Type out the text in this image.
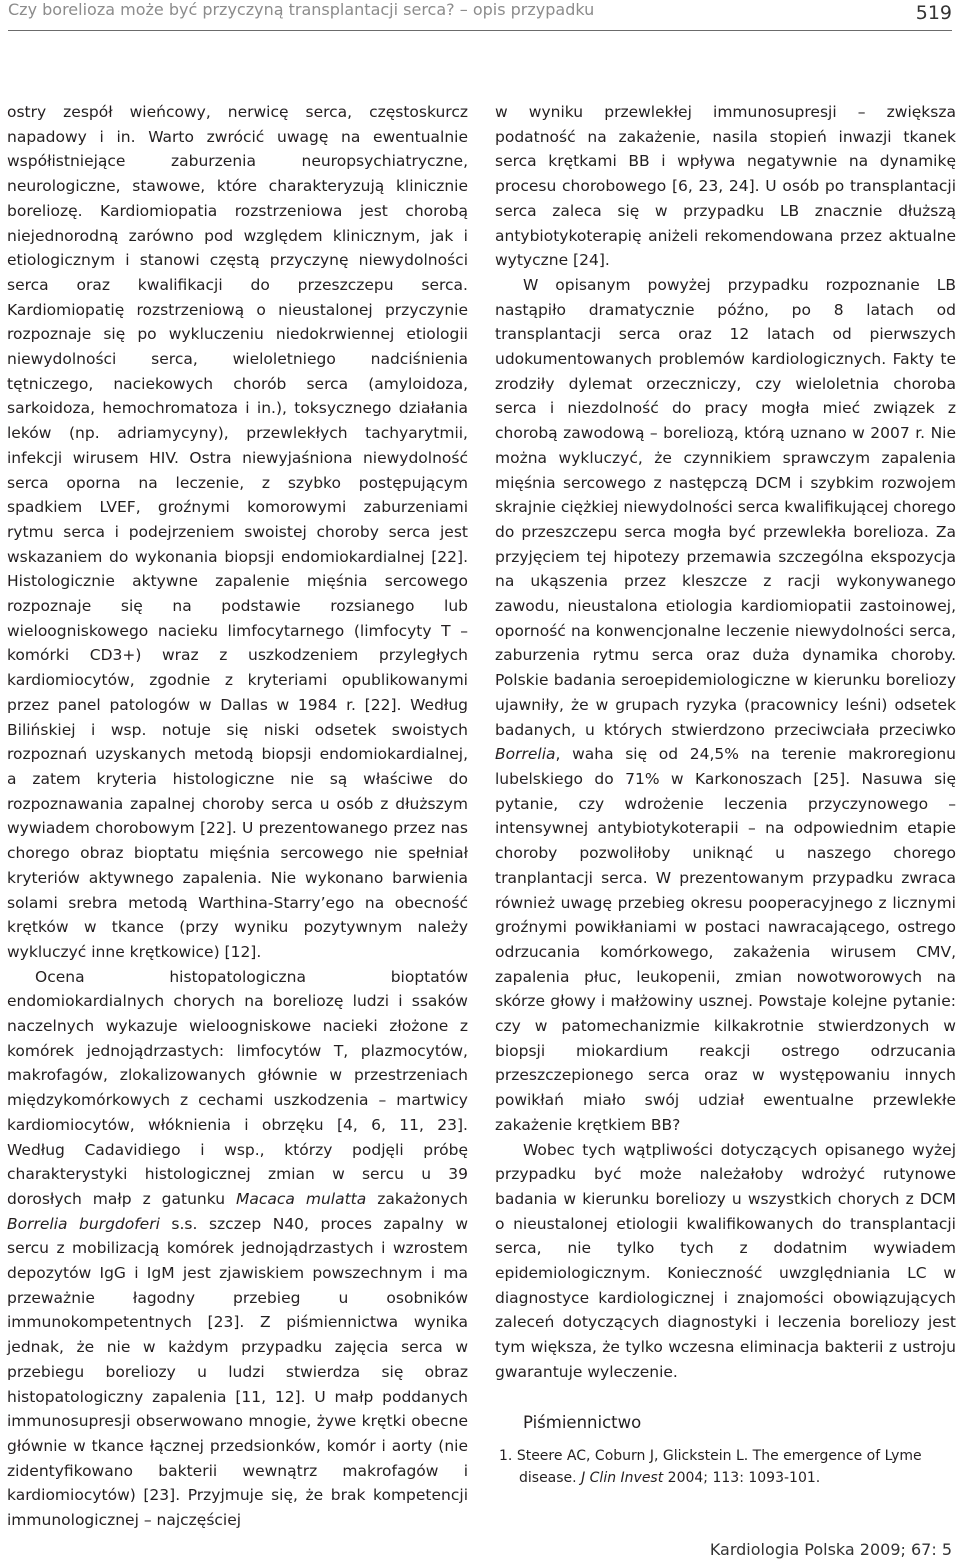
Czy borelioza może być przyczyną transplantacji serca? – opis przypadku	519

ostry zespół wieńcowy, nerwicę serca, częstoskurcz napadowy i in. Warto zwrócić uwagę na ewentualnie współistniejące zaburzenia neuropsychiatryczne, neurologiczne, stawowe, które charakteryzują klinicznie boreliozę. Kardiomiopatia rozstrzeniowa jest chorobą niejednorodną zarówno pod względem klinicznym, jak i etiologicznym i stanowi częstą przyczynę niewydolności serca oraz kwalifikacji do przeszczepu serca. Kardiomiopatię rozstrzeniową o nieustalonej przyczynie rozpoznaje się po wykluczeniu niedokrwiennej etiologii niewydolności serca, wieloletniego nadciśnienia tętniczego, naciekowych chorób serca (amyloidoza, sarkoidoza, hemochromatoza i in.), toksycznego działania leków (np. adriamycyny), przewlekłych tachyarytmii, infekcji wirusem HIV. Ostra niewyjaśniona niewydolność serca oporna na leczenie, z szybko postępującym spadkiem LVEF, groźnymi komorowymi zaburzeniami rytmu serca i podejrzeniem swoistej choroby serca jest wskazaniem do wykonania biopsji endomiokardialnej [22]. Histologicznie aktywne zapalenie mięśnia sercowego rozpoznaje się na podstawie rozsianego lub wieloogniskowego nacieku limfocytarnego (limfocyty T – komórki CD3+) wraz z uszkodzeniem przyległych kardiomiocytów, zgodnie z kryteriami opublikowanymi przez panel patologów w Dallas w 1984 r. [22]. Według Bilińskiej i wsp. notuje się niski odsetek swoistych rozpoznań uzyskanych metodą biopsji endomiokardialnej, a zatem kryteria histologiczne nie są właściwe do rozpoznawania zapalnej choroby serca u osób z dłuższym wywiadem chorobowym [22]. U prezentowanego przez nas chorego obraz bioptatu mięśnia sercowego nie spełniał kryteriów aktywnego zapalenia. Nie wykonano barwienia solami srebra metodą Warthina-Starry’ego na obecność krętków w tkance (przy wyniku pozytywnym należy wykluczyć inne krętkowice) [12].

Ocena histopatologiczna bioptatów endomiokardialnych chorych na boreliozę ludzi i ssaków naczelnych wykazuje wieloogniskowe nacieki złożone z komórek jednojądrzastych: limfocytów T, plazmocytów, makrofagów, zlokalizowanych głównie w przestrzeniach międzykomórkowych z cechami uszkodzenia – martwicy kardiomiocytów, włóknienia i obrzęku [4, 6, 11, 23]. Według Cadavidiego i wsp., którzy podjęli próbę charakterystyki histologicznej zmian w sercu u 39 dorosłych małp z gatunku Macaca mulatta zakażonych Borrelia burgdoferi s.s. szczep N40, proces zapalny w sercu z mobilizacją komórek jednojądrzastych i wzrostem depozytów IgG i IgM jest zjawiskiem powszechnym i ma przeważnie łagodny przebieg u osobników immunokompetentnych [23]. Z piśmiennictwa wynika jednak, że nie w każdym przypadku zajęcia serca w przebiegu boreliozy u ludzi stwierdza się obraz histopatologiczny zapalenia [11, 12]. U małp poddanych immunosupresji obserwowano mnogie, żywe krętki obecne głównie w tkance łącznej przedsionków, komór i aorty (nie zidentyfikowano bakterii wewnątrz makrofagów i kardiomiocytów) [23]. Przyjmuje się, że brak kompetencji immunologicznej – najczęściej

w wyniku przewlekłej immunosupresji – zwiększa podatność na zakażenie, nasila stopień inwazji tkanek serca krętkami BB i wpływa negatywnie na dynamikę procesu chorobowego [6, 23, 24]. U osób po transplantacji serca zaleca się w przypadku LB znacznie dłuższą antybiotykoterapię aniżeli rekomendowana przez aktualne wytyczne [24].

W opisanym powyżej przypadku rozpoznanie LB nastąpiło dramatycznie późno, po 8 latach od transplantacji serca oraz 12 latach od pierwszych udokumentowanych problemów kardiologicznych. Fakty te zrodziły dylemat orzeczniczy, czy wieloletnia choroba serca i niezdolność do pracy mogła mieć związek z chorobą zawodową – boreliozą, którą uznano w 2007 r. Nie można wykluczyć, że czynnikiem sprawczym zapalenia mięśnia sercowego z następczą DCM i szybkim rozwojem skrajnie ciężkiej niewydolności serca kwalifikującej chorego do przeszczepu serca mogła być przewlekła borelioza. Za przyjęciem tej hipotezy przemawia szczególna ekspozycja na ukąszenia przez kleszcze z racji wykonywanego zawodu, nieustalona etiologia kardiomiopatii zastoinowej, oporność na konwencjonalne leczenie niewydolności serca, zaburzenia rytmu serca oraz duża dynamika choroby. Polskie badania seroepidemiologiczne w kierunku boreliozy ujawniły, że w grupach ryzyka (pracownicy leśni) odsetek badanych, u których stwierdzono przeciwciała przeciwko Borrelia, waha się od 24,5% na terenie makroregionu lubelskiego do 71% w Karkonoszach [25]. Nasuwa się pytanie, czy wdrożenie leczenia przyczynowego – intensywnej antybiotykoterapii – na odpowiednim etapie choroby pozwoliłoby uniknąć u naszego chorego tranplantacji serca. W prezentowanym przypadku zwraca również uwagę przebieg okresu pooperacyjnego z licznymi groźnymi powikłaniami w postaci nawracającego, ostrego odrzucania komórkowego, zakażenia wirusem CMV, zapalenia płuc, leukopenii, zmian nowotworowych na skórze głowy i małżowiny usznej. Powstaje kolejne pytanie: czy w patomechanizmie kilkakrotnie stwierdzonych w biopsji miokardium reakcji ostrego odrzucania przeszczepionego serca oraz w występowaniu innych powikłań miało swój udział ewentualne przewlekłe zakażenie krętkiem BB?

Wobec tych wątpliwości dotyczących opisanego wyżej przypadku być może należałoby wdrożyć rutynowe badania w kierunku boreliozy u wszystkich chorych z DCM o nieustalonej etiologii kwalifikowanych do transplantacji serca, nie tylko tych z dodatnim wywiadem epidemiologicznym. Konieczność uwzględniania LC w diagnostyce kardiologicznej i znajomości obowiązujących zaleceń dotyczących diagnostyki i leczenia boreliozy jest tym większa, że tylko wczesna eliminacja bakterii z ustroju gwarantuje wyleczenie.

Piśmiennictwo

1. Steere AC, Coburn J, Glickstein L. The emergence of Lyme disease. J Clin Invest 2004; 113: 1093-101.
Kardiologia Polska 2009; 67: 5
